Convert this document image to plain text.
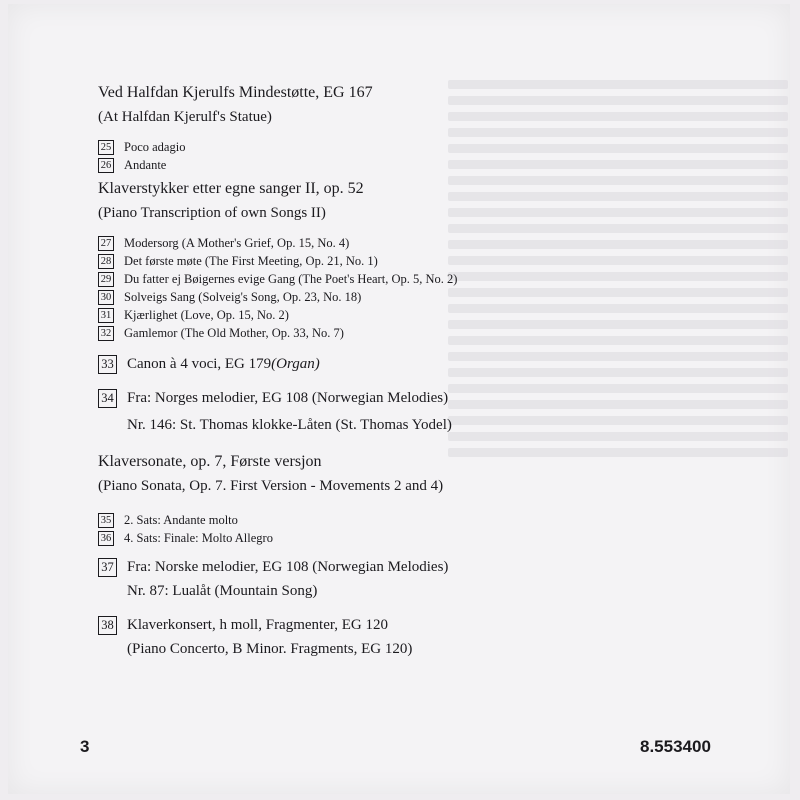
Ved Halfdan Kjerulfs Mindestøtte, EG 167
(At Halfdan Kjerulf's Statue)
25 Poco adagio
26 Andante
Klaverstykker etter egne sanger II, op. 52
(Piano Transcription of own Songs II)
27 Modersorg (A Mother's Grief, Op. 15, No. 4)
28 Det første møte (The First Meeting, Op. 21, No. 1)
29 Du fatter ej Bøigernes evige Gang (The Poet's Heart, Op. 5, No. 2)
30 Solveigs Sang (Solveig's Song, Op. 23, No. 18)
31 Kjærlighet (Love, Op. 15, No. 2)
32 Gamlemor (The Old Mother, Op. 33, No. 7)
33 Canon à 4 voci, EG 179 (Organ)
34 Fra: Norges melodier, EG 108 (Norwegian Melodies)
Nr. 146: St. Thomas klokke-Låten (St. Thomas Yodel)
Klaversonate, op. 7, Første versjon
(Piano Sonata, Op. 7. First Version - Movements 2 and 4)
35 2. Sats: Andante molto
36 4. Sats: Finale: Molto Allegro
37 Fra: Norske melodier, EG 108 (Norwegian Melodies)
Nr. 87: Lualåt (Mountain Song)
38 Klaverkonsert, h moll, Fragmenter, EG 120
(Piano Concerto, B Minor. Fragments, EG 120)
3	8.553400
